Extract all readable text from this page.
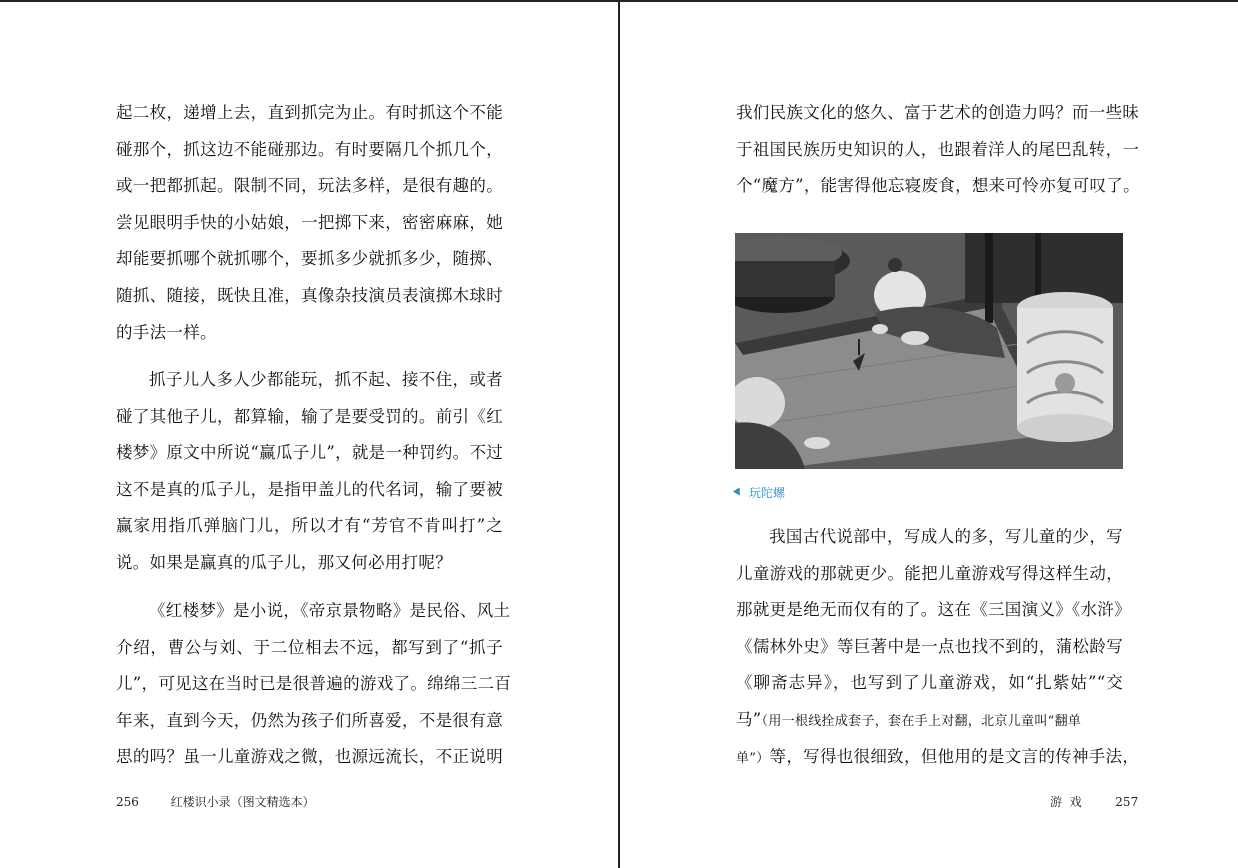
起二枚，递增上去，直到抓完为止。有时抓这个不能
碰那个，抓这边不能碰那边。有时要隔几个抓几个，
或一把都抓起。限制不同，玩法多样，是很有趣的。
尝见眼明手快的小姑娘，一把掷下来，密密麻麻，她
却能要抓哪个就抓哪个，要抓多少就抓多少，随掷、
随抓、随接，既快且准，真像杂技演员表演掷木球时
的手法一样。
抓子儿人多人少都能玩，抓不起、接不住，或者
碰了其他子儿，都算输，输了是要受罚的。前引《红
楼梦》原文中所说“赢瓜子儿”，就是一种罚约。不过
这不是真的瓜子儿，是指甲盖儿的代名词，输了要被
赢家用指爪弹脑门儿，所以才有“芳官不肯叫打”之
说。如果是赢真的瓜子儿，那又何必用打呢？
《红楼梦》是小说，《帝京景物略》是民俗、风土
介绍，曹公与刘、于二位相去不远，都写到了“抓子
儿”，可见这在当时已是很普遍的游戏了。绵绵三二百
年来，直到今天，仍然为孩子们所喜爱，不是很有意
思的吗？虽一儿童游戏之微，也源远流长，不正说明
256	红楼识小录（图文精选本）
我们民族文化的悠久、富于艺术的创造力吗？而一些昧
于祖国民族历史知识的人，也跟着洋人的尾巴乱转，一
个“魔方”，能害得他忘寝废食，想来可怜亦复可叹了。
玩陀螺
我国古代说部中，写成人的多，写儿童的少，写
儿童游戏的那就更少。能把儿童游戏写得这样生动，
那就更是绝无而仅有的了。这在《三国演义》《水浒》
《儒林外史》等巨著中是一点也找不到的，蒲松龄写
《聊斋志异》，也写到了儿童游戏，如“扎紫姑”“交
马”（用一根线拴成套子，套在手上对翻，北京儿童叫“翻单
单”）等，写得也很细致，但他用的是文言的传神手法，
游  戏	257
